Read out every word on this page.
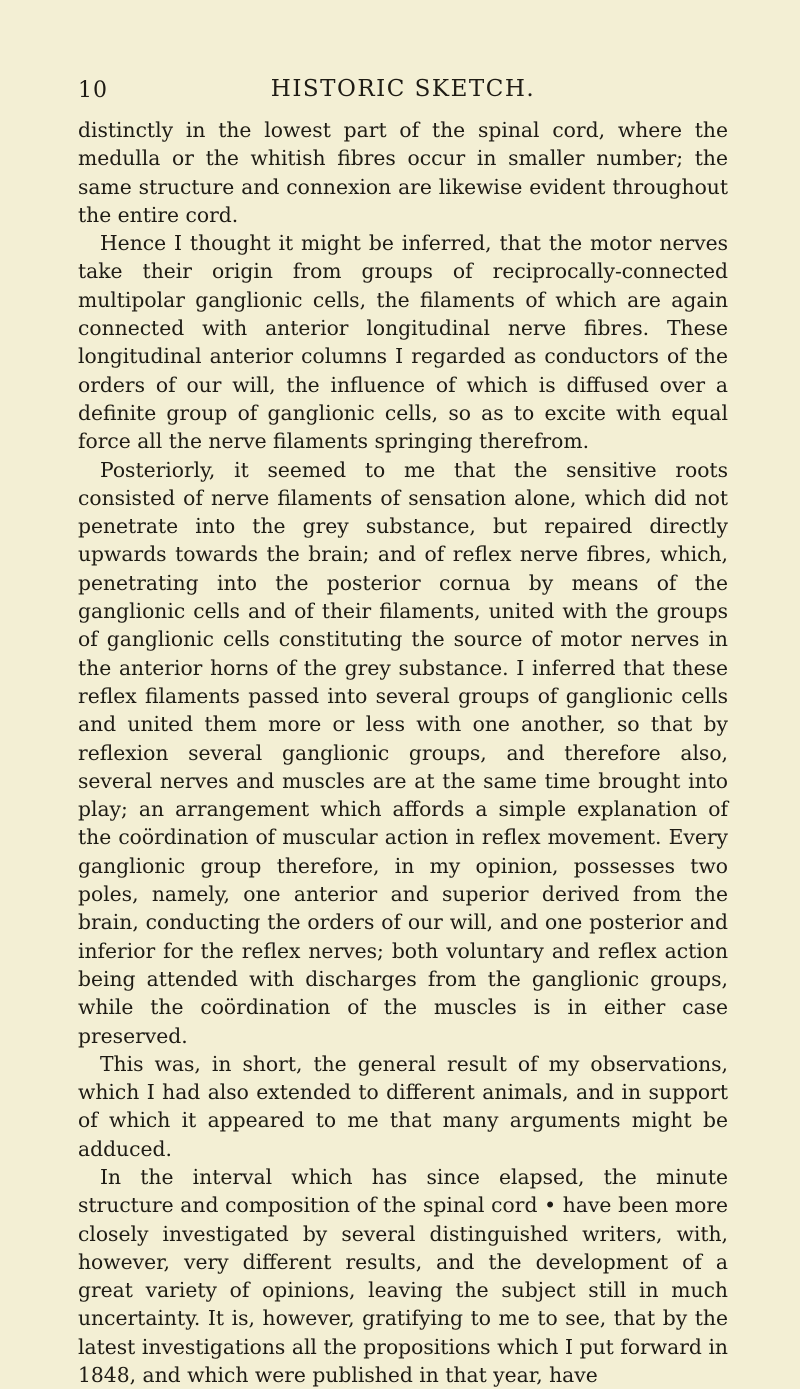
10	HISTORIC SKETCH.

distinctly in the lowest part of the spinal cord, where the medulla or the whitish fibres occur in smaller number; the same structure and connexion are likewise evident throughout the entire cord.

Hence I thought it might be inferred, that the motor nerves take their origin from groups of reciprocally-connected multipolar ganglionic cells, the filaments of which are again connected with anterior longitudinal nerve fibres. These longitudinal anterior columns I regarded as conductors of the orders of our will, the influence of which is diffused over a definite group of ganglionic cells, so as to excite with equal force all the nerve filaments springing therefrom.

Posteriorly, it seemed to me that the sensitive roots consisted of nerve filaments of sensation alone, which did not penetrate into the grey substance, but repaired directly upwards towards the brain; and of reflex nerve fibres, which, penetrating into the posterior cornua by means of the ganglionic cells and of their filaments, united with the groups of ganglionic cells constituting the source of motor nerves in the anterior horns of the grey substance. I inferred that these reflex filaments passed into several groups of ganglionic cells and united them more or less with one another, so that by reflexion several ganglionic groups, and therefore also, several nerves and muscles are at the same time brought into play; an arrangement which affords a simple explanation of the coördination of muscular action in reflex movement. Every ganglionic group therefore, in my opinion, possesses two poles, namely, one anterior and superior derived from the brain, conducting the orders of our will, and one posterior and inferior for the reflex nerves; both voluntary and reflex action being attended with discharges from the ganglionic groups, while the coördination of the muscles is in either case preserved.

This was, in short, the general result of my observations, which I had also extended to different animals, and in support of which it appeared to me that many arguments might be adduced.

In the interval which has since elapsed, the minute structure and composition of the spinal cord • have been more closely investigated by several distinguished writers, with, however, very different results, and the development of a great variety of opinions, leaving the subject still in much uncertainty. It is, however, gratifying to me to see, that by the latest investigations all the propositions which I put forward in 1848, and which were published in that year, have
